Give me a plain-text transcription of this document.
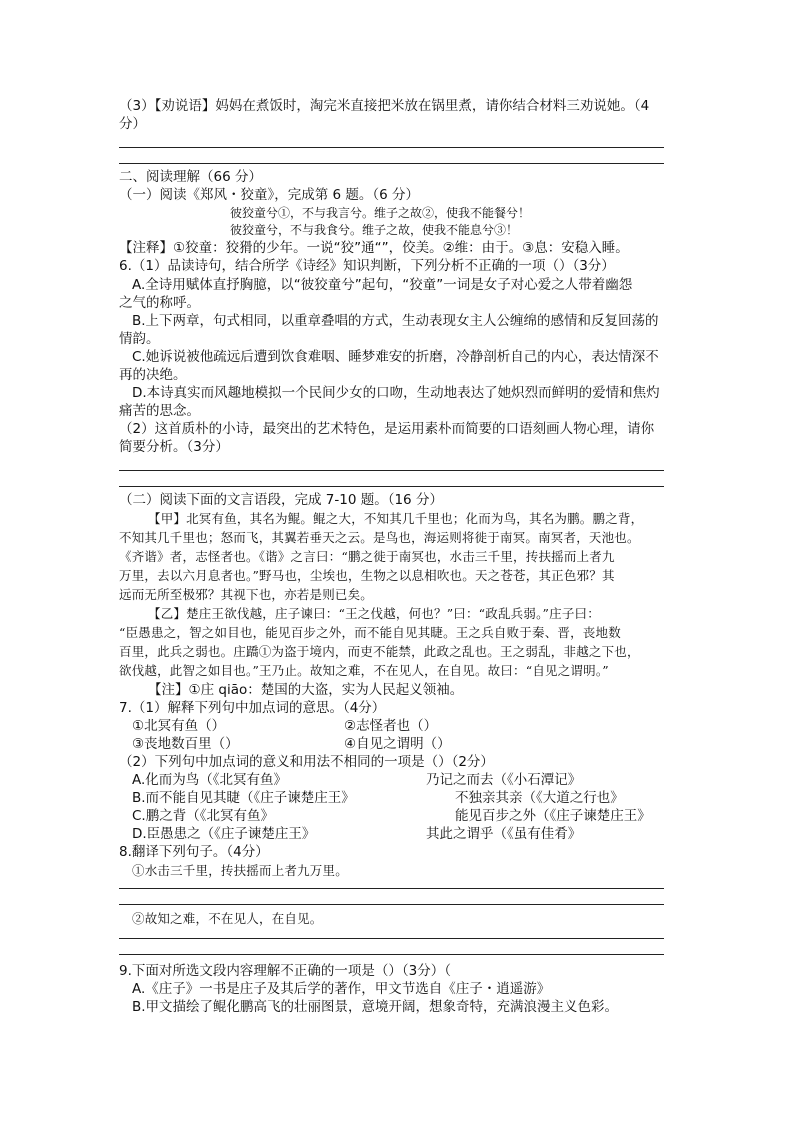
（3）【劝说语】妈妈在煮饭时，淘完米直接把米放在锅里煮，请你结合材料三劝说她。（4
分）
二、阅读理解（66 分）
（一）阅读《郑风・狡童》，完成第 6 题。（6 分）
彼狡童兮①，不与我言兮。维子之故②，使我不能餐兮！
彼狡童兮，不与我食兮。维子之故，使我不能息兮③！
【注释】①狡童：狡猾的少年。一说“狡”通“”，佼美。②维：由于。③息：安稳入睡。
6.（1）品读诗句，结合所学《诗经》知识判断，下列分析不正确的一项（）（3分）
A.全诗用赋体直抒胸臆，以“彼狡童兮”起句，“狡童”一词是女子对心爱之人带着幽怨
之气的称呼。
B.上下两章，句式相同，以重章叠唱的方式，生动表现女主人公缠绵的感情和反复回荡的
情韵。
C.她诉说被他疏远后遭到饮食难咽、睡梦难安的折磨，冷静剖析自己的内心，表达情深不
再的决绝。
D.本诗真实而风趣地模拟一个民间少女的口吻，生动地表达了她炽烈而鲜明的爱情和焦灼
痛苦的思念。
（2）这首质朴的小诗，最突出的艺术特色，是运用素朴而简要的口语刻画人物心理，请你
简要分析。（3分）
（二）阅读下面的文言语段，完成 7-10 题。（16 分）
【甲】北冥有鱼，其名为鲲。鲲之大，不知其几千里也；化而为鸟，其名为鹏。鹏之背，
不知其几千里也；怒而飞，其翼若垂天之云。是鸟也，海运则将徙于南冥。南冥者，天池也。
《齐谐》者，志怪者也。《谐》之言曰：“鹏之徙于南冥也，水击三千里，抟扶摇而上者九
万里，去以六月息者也。”野马也，尘埃也，生物之以息相吹也。天之苍苍，其正色邪？其
远而无所至极邪？其视下也，亦若是则已矣。
【乙】楚庄王欲伐越，庄子谏曰：“王之伐越，何也？”曰：“政乱兵弱。”庄子曰：
“臣愚患之，智之如目也，能见百步之外，而不能自见其睫。王之兵自败于秦、晋，丧地数
百里，此兵之弱也。庄蹻①为盗于境内，而吏不能禁，此政之乱也。王之弱乱，非越之下也，
欲伐越，此智之如目也。”王乃止。故知之难，不在见人，在自见。故曰：“自见之谓明。”
【注】①庄 qiāo：楚国的大盗，实为人民起义领袖。
7.（1）解释下列句中加点词的意思。（4分）
①北冥有鱼（）	②志怪者也（）
③丧地数百里（）	④自见之谓明（）
（2）下列句中加点词的意义和用法不相同的一项是（）（2分）
A.化而为鸟（《北冥有鱼》	乃记之而去（《小石潭记》
B.而不能自见其睫（《庄子谏楚庄王》	不独亲其亲（《大道之行也》
C.鹏之背（《北冥有鱼》	能见百步之外（《庄子谏楚庄王》
D.臣愚患之（《庄子谏楚庄王》	其此之谓乎（《虽有佳肴》
8.翻译下列句子。（4分）
①水击三千里，抟扶摇而上者九万里。
②故知之难，不在见人，在自见。
9.下面对所选文段内容理解不正确的一项是（）（3分）（
A.《庄子》一书是庄子及其后学的著作，甲文节选自《庄子・逍遥游》
B.甲文描绘了鲲化鹏高飞的壮丽图景，意境开阔，想象奇特，充满浪漫主义色彩。
